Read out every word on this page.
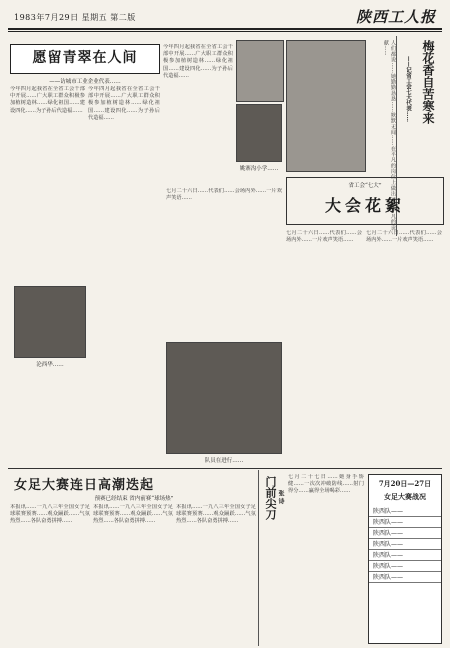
1983年7月29日 星期五 第二版	陕西工人报
愿留青翠在人间
——访城市工业企业代表……
今年四月起我省在全省工会干部中开展……广大职工群众积极参加植树造林……绿化祖国……建设四化……为子孙后代造福……
今年四月起我省在全省工会干部中开展……广大职工群众积极参加植树造林……绿化祖国……建设四化……为子孙后代造福……
今年四月起我省在全省工会干部中开展……广大职工群众积极参加植树造林……绿化祖国……建设四化……为子孙后代造福……
姚寨沟小学……
梅花香自苦寒来
——记省工会七大代表……
人们都说……她勤勤恳恳……默默无闻……在平凡的岗位上做出了不平凡的贡献……
省工会“七大”
大会花絮
七月二十六日……代表们……会场内外……一片欢声笑语……
七月二十六日……代表们……会场内外……一片欢声笑语……
七月二十六日……代表们……会场内外……一片欢声笑语……
沦西华……
队员在进行……
女足大赛连日高潮迭起
预赛已经结束 省内前赛“球场热”
本报讯……一九八三年全国女子足球联赛预赛……观众踊跃……气氛热烈……各队奋勇拼搏……
本报讯……一九八三年全国女子足球联赛预赛……观众踊跃……气氛热烈……各队奋勇拼搏……
本报讯……一九八三年全国女子足球联赛预赛……观众踊跃……气氛热烈……各队奋勇拼搏……
门前尖刀 张 诗
七月二十七日……她身手矫健……一次次冲破防线……射门得分……赢得全场喝彩……
7月20日—27日
女足大赛战况
陕西队——
陕西队——
陕西队——
陕西队——
陕西队——
陕西队——
陕西队——
